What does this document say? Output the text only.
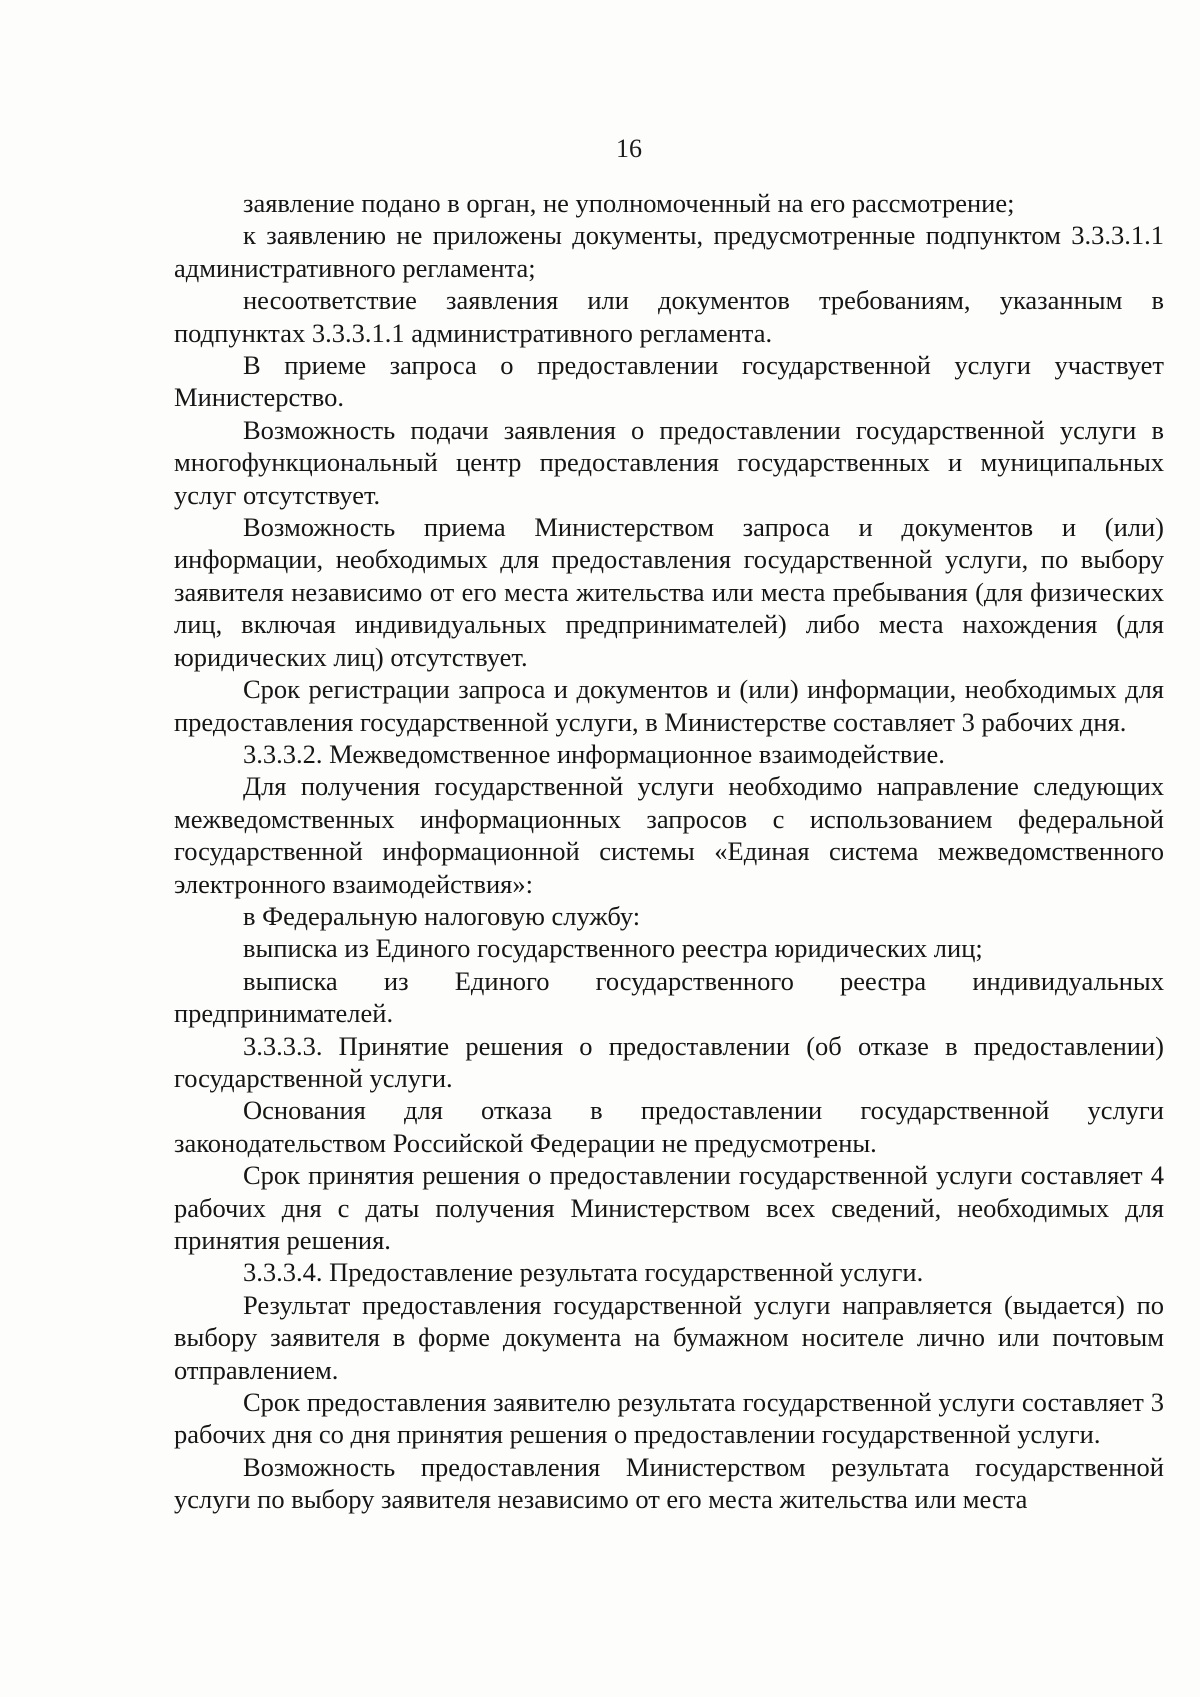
16

заявление подано в орган, не уполномоченный на его рассмотрение;

к заявлению не приложены документы, предусмотренные подпунктом 3.3.3.1.1 административного регламента;

несоответствие заявления или документов требованиям, указанным в подпунктах 3.3.3.1.1 административного регламента.

В приеме запроса о предоставлении государственной услуги участвует Министерство.

Возможность подачи заявления о предоставлении государственной услуги в многофункциональный центр предоставления государственных и муниципальных услуг отсутствует.

Возможность приема Министерством запроса и документов и (или) информации, необходимых для предоставления государственной услуги, по выбору заявителя независимо от его места жительства или места пребывания (для физических лиц, включая индивидуальных предпринимателей) либо места нахождения (для юридических лиц) отсутствует.

Срок регистрации запроса и документов и (или) информации, необходимых для предоставления государственной услуги, в Министерстве составляет 3 рабочих дня.

3.3.3.2. Межведомственное информационное взаимодействие.

Для получения государственной услуги необходимо направление следующих межведомственных информационных запросов с использованием федеральной государственной информационной системы «Единая система межведомственного электронного взаимодействия»:

в Федеральную налоговую службу:

выписка из Единого государственного реестра юридических лиц;

выписка из Единого государственного реестра индивидуальных предпринимателей.

3.3.3.3. Принятие решения о предоставлении (об отказе в предоставлении) государственной услуги.

Основания для отказа в предоставлении государственной услуги законодательством Российской Федерации не предусмотрены.

Срок принятия решения о предоставлении государственной услуги составляет 4 рабочих дня с даты получения Министерством всех сведений, необходимых для принятия решения.

3.3.3.4. Предоставление результата государственной услуги.

Результат предоставления государственной услуги направляется (выдается) по выбору заявителя в форме документа на бумажном носителе лично или почтовым отправлением.

Срок предоставления заявителю результата государственной услуги составляет 3 рабочих дня со дня принятия решения о предоставлении государственной услуги.

Возможность предоставления Министерством результата государственной услуги по выбору заявителя независимо от его места жительства или места
